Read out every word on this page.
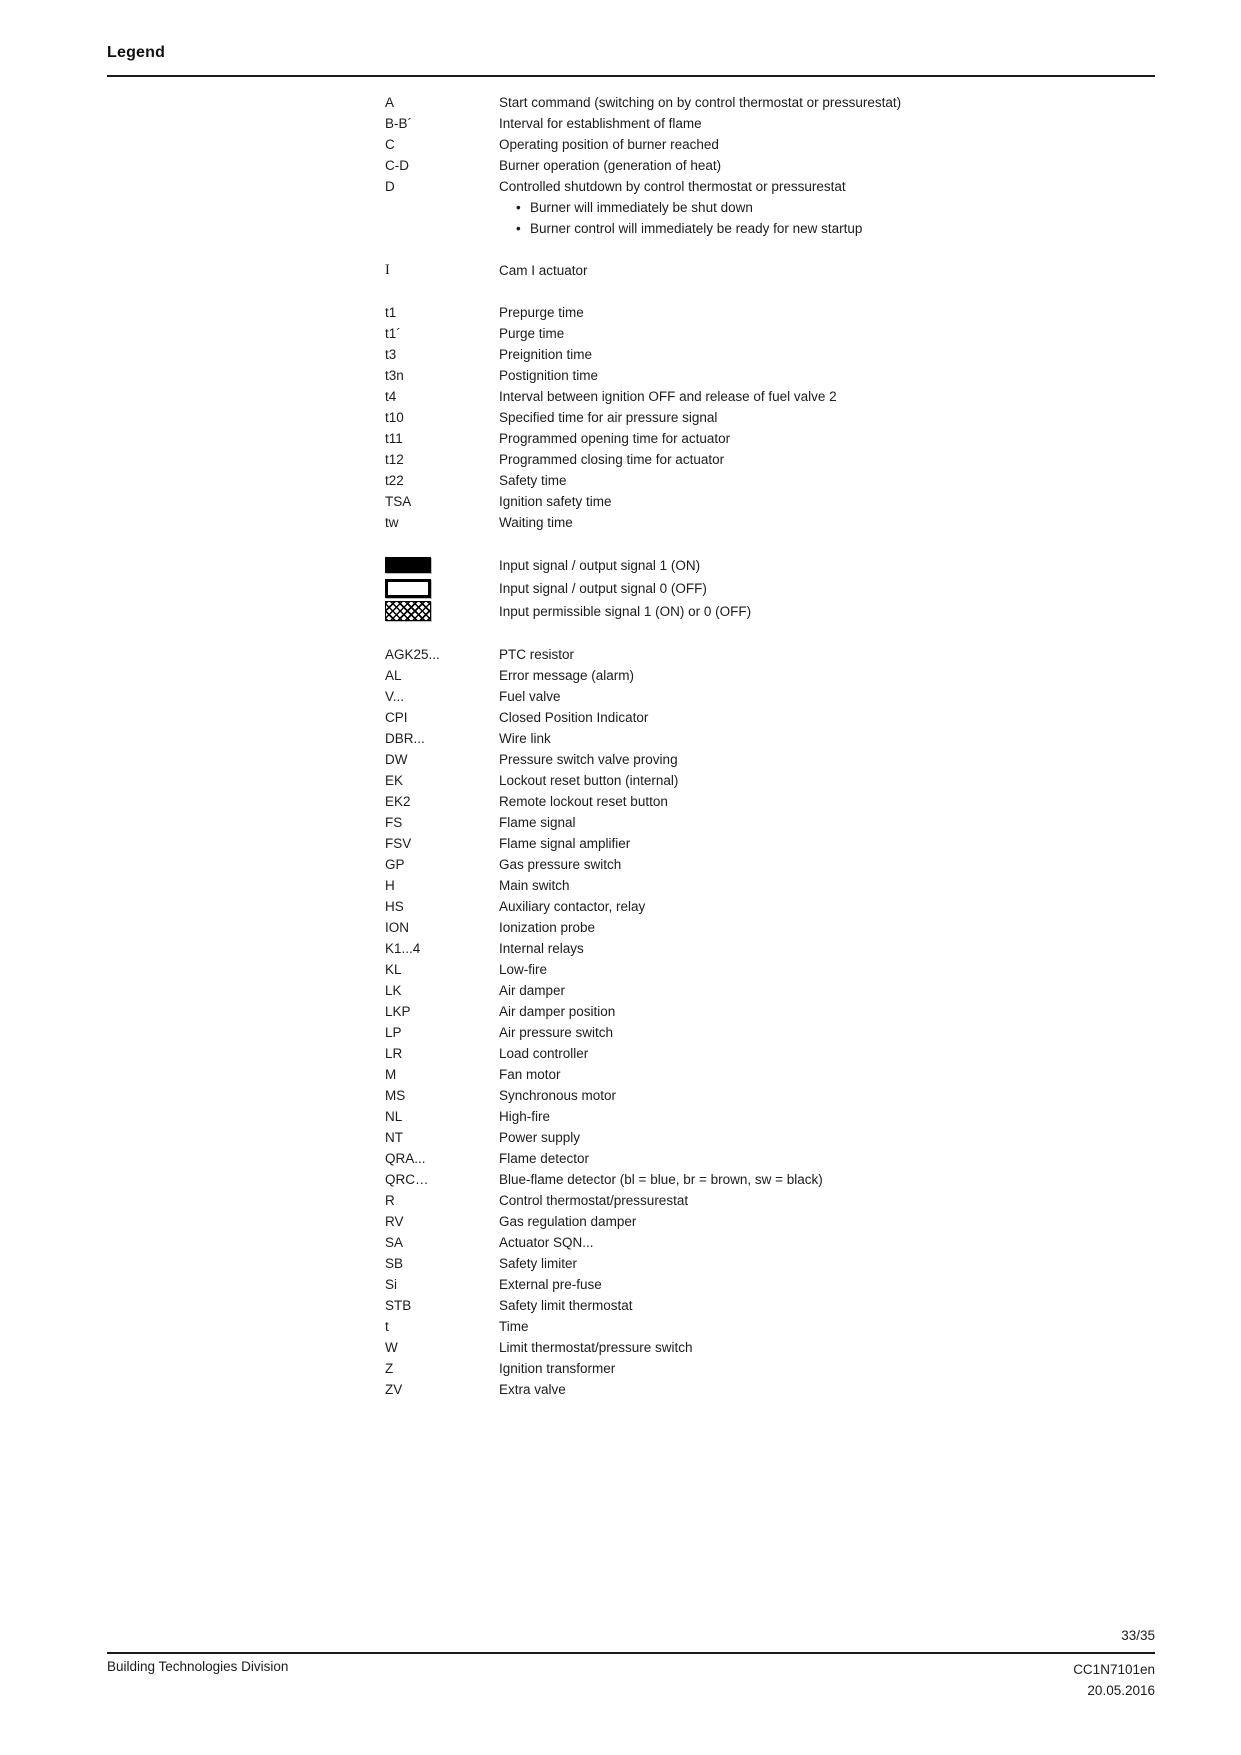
Legend
A	Start command (switching on by control thermostat or pressurestat)
B-B´	Interval for establishment of flame
C	Operating position of burner reached
C-D	Burner operation (generation of heat)
D	Controlled shutdown by control thermostat or pressurestat
• Burner will immediately be shut down
• Burner control will immediately be ready for new startup
I	Cam I actuator
t1	Prepurge time
t1´	Purge time
t3	Preignition time
t3n	Postignition time
t4	Interval between ignition OFF and release of fuel valve 2
t10	Specified time for air pressure signal
t11	Programmed opening time for actuator
t12	Programmed closing time for actuator
t22	Safety time
TSA	Ignition safety time
tw	Waiting time
Input signal / output signal 1 (ON)
Input signal / output signal 0 (OFF)
Input permissible signal 1 (ON) or 0 (OFF)
AGK25...	PTC resistor
AL	Error message (alarm)
V...	Fuel valve
CPI	Closed Position Indicator
DBR...	Wire link
DW	Pressure switch valve proving
EK	Lockout reset button (internal)
EK2	Remote lockout reset button
FS	Flame signal
FSV	Flame signal amplifier
GP	Gas pressure switch
H	Main switch
HS	Auxiliary contactor, relay
ION	Ionization probe
K1...4	Internal relays
KL	Low-fire
LK	Air damper
LKP	Air damper position
LP	Air pressure switch
LR	Load controller
M	Fan motor
MS	Synchronous motor
NL	High-fire
NT	Power supply
QRA...	Flame detector
QRC…	Blue-flame detector (bl = blue, br = brown, sw = black)
R	Control thermostat/pressurestat
RV	Gas regulation damper
SA	Actuator SQN...
SB	Safety limiter
Si	External pre-fuse
STB	Safety limit thermostat
t	Time
W	Limit thermostat/pressure switch
Z	Ignition transformer
ZV	Extra valve
33/35
Building Technologies Division	CC1N7101en
20.05.2016
